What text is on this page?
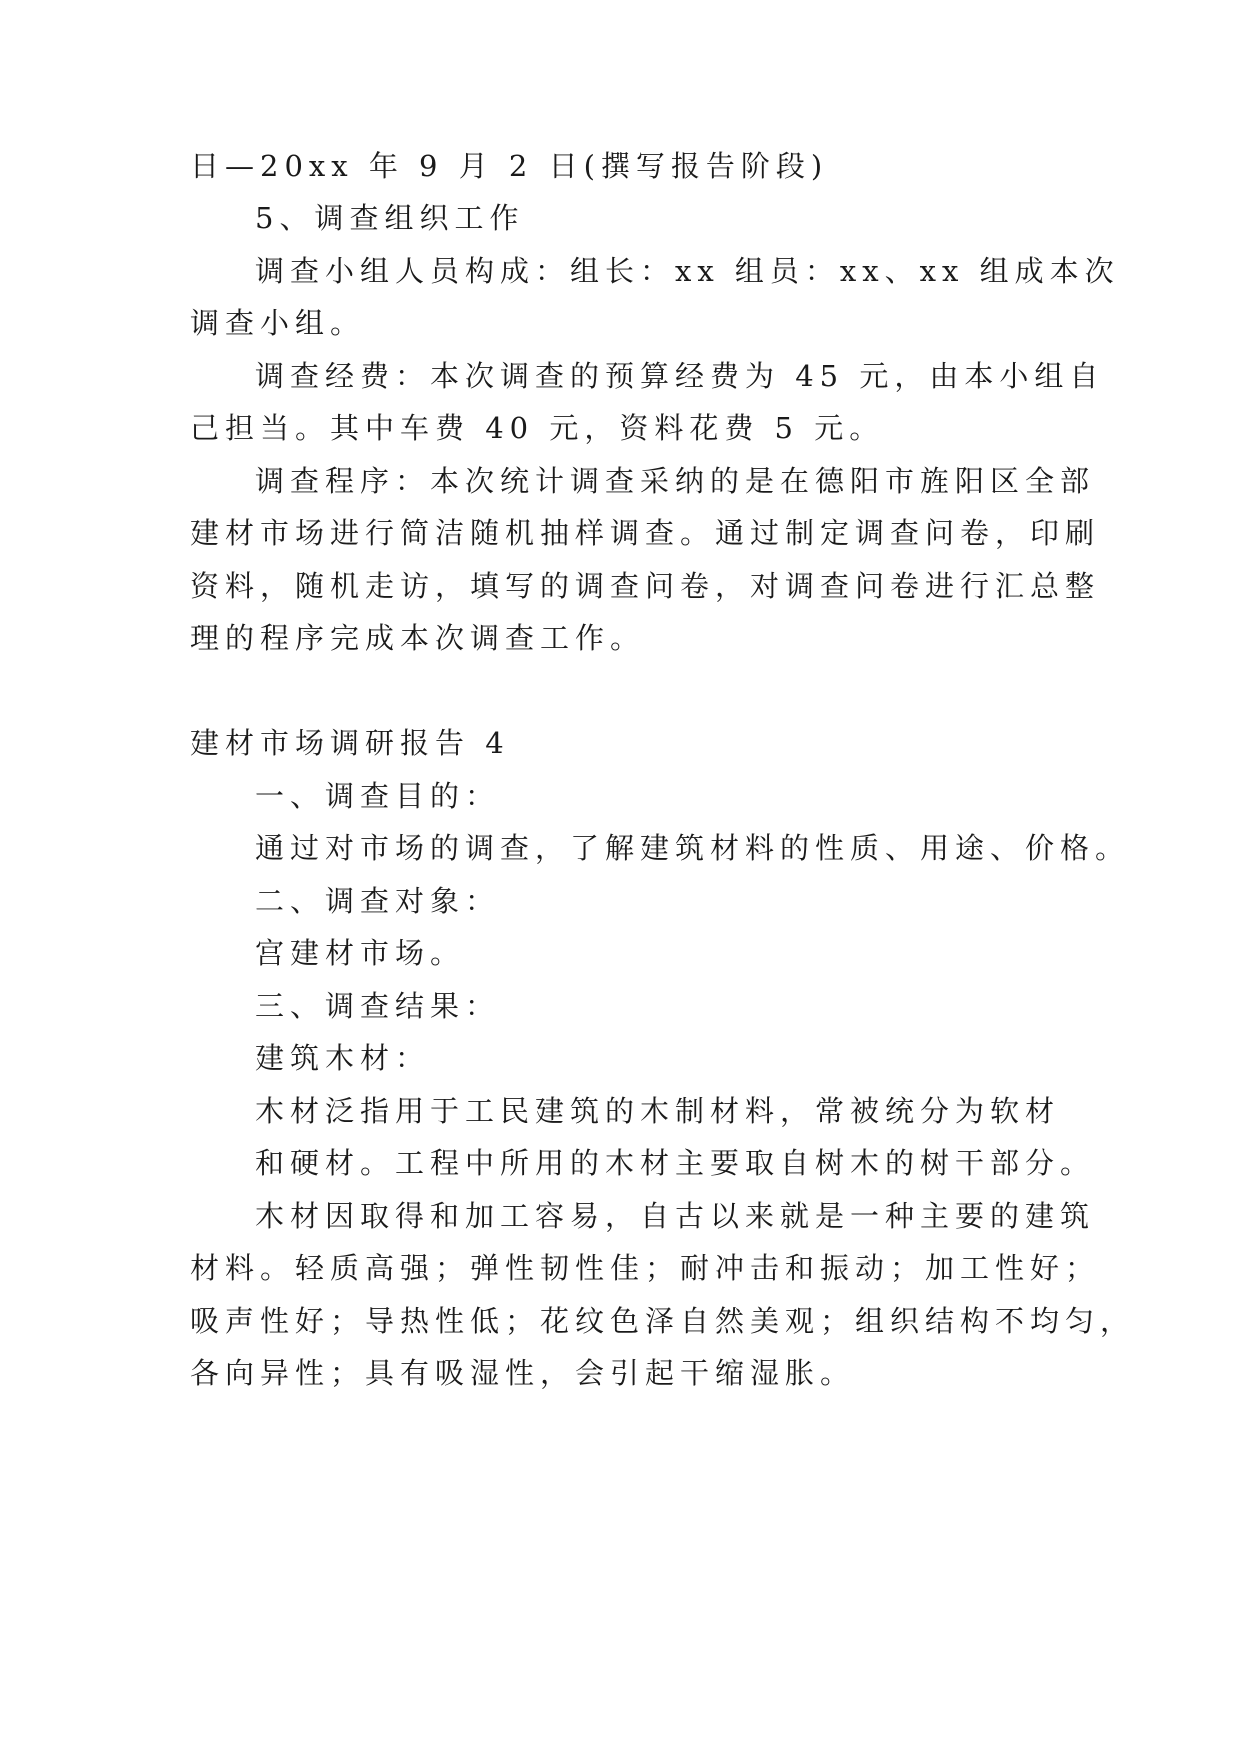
日—20xx 年 9 月 2 日(撰写报告阶段)

5、调查组织工作

调查小组人员构成：组长：xx 组员：xx、xx 组成本次

调查小组。

调查经费：本次调查的预算经费为 45 元，由本小组自

己担当。其中车费 40 元，资料花费 5 元。

调查程序：本次统计调查采纳的是在德阳市旌阳区全部

建材市场进行简洁随机抽样调查。通过制定调查问卷，印刷

资料，随机走访，填写的调查问卷，对调查问卷进行汇总整

理的程序完成本次调查工作。

建材市场调研报告 4

一、调查目的：

通过对市场的调查，了解建筑材料的性质、用途、价格。

二、调查对象：

宫建材市场。

三、调查结果：

建筑木材：

木材泛指用于工民建筑的木制材料，常被统分为软材

和硬材。工程中所用的木材主要取自树木的树干部分。

木材因取得和加工容易，自古以来就是一种主要的建筑

材料。轻质高强；弹性韧性佳；耐冲击和振动；加工性好；

吸声性好；导热性低；花纹色泽自然美观；组织结构不均匀，

各向异性；具有吸湿性，会引起干缩湿胀。
